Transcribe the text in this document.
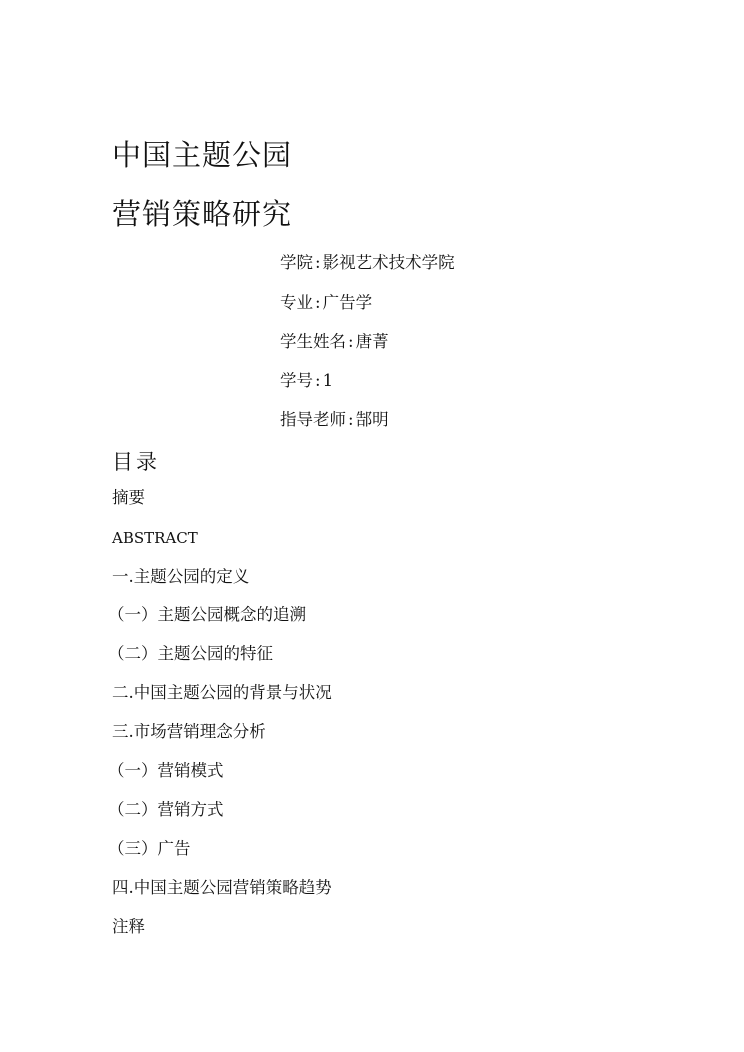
中国主题公园
营销策略研究
学院 : 影视艺术技术学院
专业 : 广告学
学生姓名 : 唐菁
学号 : 1
指导老师 : 郜明
目录
摘要
ABSTRACT
一.主题公园的定义
（一）主题公园概念的追溯
（二）主题公园的特征
二.中国主题公园的背景与状况
三.市场营销理念分析
（一）营销模式
（二）营销方式
（三）广告
四.中国主题公园营销策略趋势
注释
